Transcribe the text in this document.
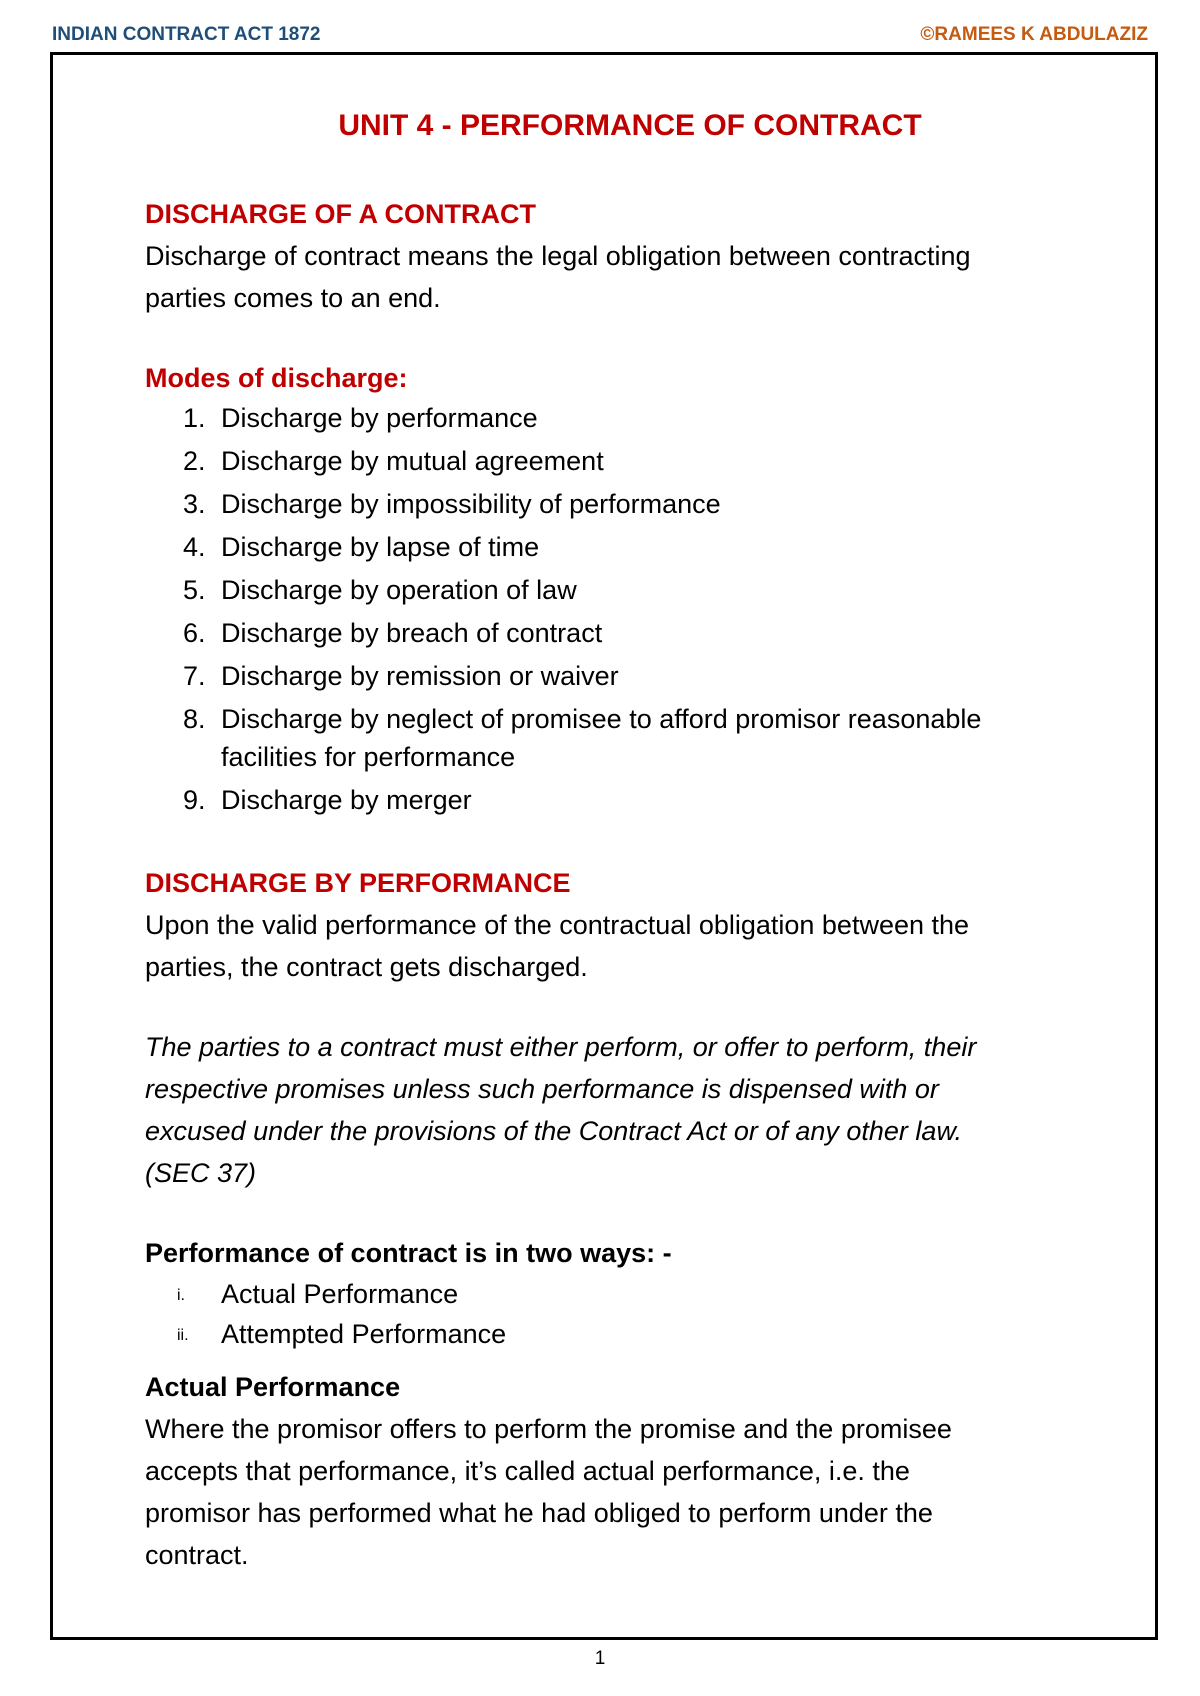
INDIAN CONTRACT ACT 1872	©RAMEES K ABDULAZIZ
UNIT 4 - PERFORMANCE OF CONTRACT
DISCHARGE OF A CONTRACT

Discharge of contract means the legal obligation between contracting parties comes to an end.

Modes of discharge:
1. Discharge by performance
2. Discharge by mutual agreement
3. Discharge by impossibility of performance
4. Discharge by lapse of time
5. Discharge by operation of law
6. Discharge by breach of contract
7. Discharge by remission or waiver
8. Discharge by neglect of promisee to afford promisor reasonable facilities for performance
9. Discharge by merger
DISCHARGE BY PERFORMANCE

Upon the valid performance of the contractual obligation between the parties, the contract gets discharged.

The parties to a contract must either perform, or offer to perform, their respective promises unless such performance is dispensed with or excused under the provisions of the Contract Act or of any other law. (SEC 37)

Performance of contract is in two ways: -
i. Actual Performance
ii. Attempted Performance
Actual Performance

Where the promisor offers to perform the promise and the promisee accepts that performance, it’s called actual performance, i.e. the promisor has performed what he had obliged to perform under the contract.

1
